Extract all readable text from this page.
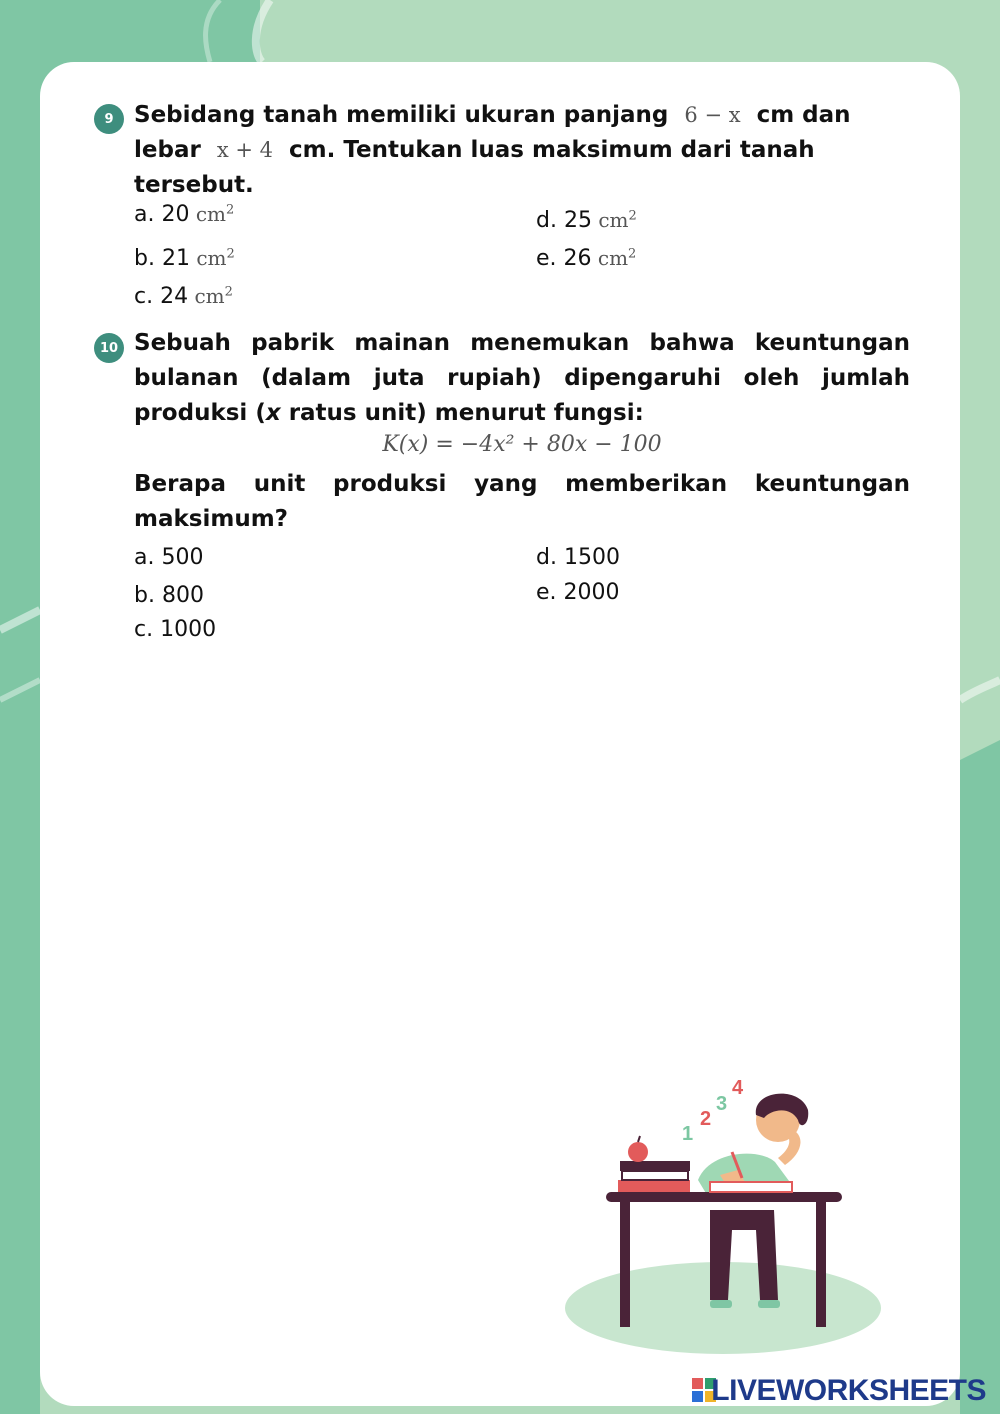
9 Sebidang tanah memiliki ukuran panjang 6 − x cm dan
lebar x + 4 cm. Tentukan luas maksimum dari tanah
tersebut.
a. 20 $cm^2$
b. 21 $cm^2$
c. 24 $cm^2$
d. 25 $cm^2$
e. 26 $cm^2$
10 Sebuah pabrik mainan menemukan bahwa keuntungan
bulanan (dalam juta rupiah) dipengaruhi oleh jumlah
produksi (x ratus unit) menurut fungsi:
K(x) = −4x² + 80x − 100
Berapa unit produksi yang memberikan keuntungan
maksimum?
a. 500
b. 800
c. 1000
d. 1500
e. 2000
1
2
3
4
LIVEWORKSHEETS
